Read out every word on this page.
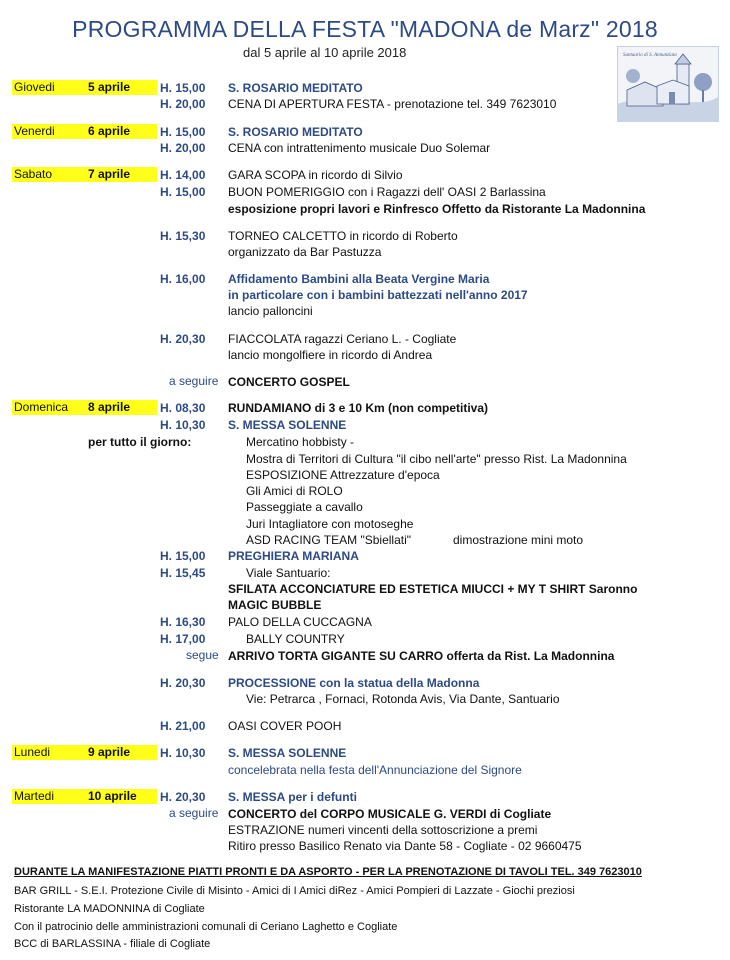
PROGRAMMA DELLA FESTA "MADONA de Marz" 2018
dal 5 aprile al 10 aprile 2018	Santuario di S. Annunziata
Giovedi	5 aprile H. 15,00 S. ROSARIO MEDITATO
H. 20,00 CENA DI APERTURA FESTA - prenotazione tel. 349 7623010
Venerdi	6 aprile H. 15,00 S. ROSARIO MEDITATO
H. 20,00 CENA con intrattenimento musicale Duo Solemar
Sabato	7 aprile H. 14,00 GARA SCOPA in ricordo di Silvio
H. 15,00 BUON POMERIGGIO con i Ragazzi dell' OASI 2 Barlassina
esposizione propri lavori e Rinfresco Offetto da Ristorante La Madonnina
H. 15,30 TORNEO CALCETTO in ricordo di Roberto
organizzato da Bar Pastuzza
H. 16,00 Affidamento Bambini alla Beata Vergine Maria
in particolare con i bambini battezzati nell'anno 2017
lancio palloncini
H. 20,30 FIACCOLATA ragazzi Ceriano L. - Cogliate
lancio mongolfiere in ricordo di Andrea
a seguire CONCERTO GOSPEL
Domenica 8 aprile H. 08,30 RUNDAMIANO di 3 e 10 Km (non competitiva)
H. 10,30 S. MESSA SOLENNE
per tutto il giorno:	Mercatino hobbisty -
Mostra di Territori di Cultura "il cibo nell'arte" presso Rist. La Madonnina
ESPOSIZIONE Attrezzature d'epoca
Gli Amici di ROLO
Passeggiate a cavallo
Juri Intagliatore con motoseghe
ASD RACING TEAM "Sbiellati"	dimostrazione mini moto
H. 15,00 PREGHIERA MARIANA
H. 15,45	Viale Santuario:
SFILATA ACCONCIATURE ED ESTETICA MIUCCI + MY T SHIRT Saronno
MAGIC BUBBLE
H. 16,30 PALO DELLA CUCCAGNA
H. 17,00	BALLY COUNTRY
segue ARRIVO TORTA GIGANTE SU CARRO offerta da Rist. La Madonnina
H. 20,30 PROCESSIONE con la statua della Madonna
Vie: Petrarca , Fornaci, Rotonda Avis, Via Dante, Santuario
H. 21,00 OASI COVER POOH
Lunedi	9 aprile H. 10,30 S. MESSA SOLENNE
concelebrata nella festa dell'Annunciazione del Signore
Martedi	10 aprile H. 20,30 S. MESSA per i defunti
a seguire CONCERTO del CORPO MUSICALE G. VERDI di Cogliate
ESTRAZIONE numeri vincenti della sottoscrizione a premi
Ritiro presso Basilico Renato via Dante 58 - Cogliate - 02 9660475
DURANTE LA MANIFESTAZIONE PIATTI PRONTI E DA ASPORTO - PER LA PRENOTAZIONE DI TAVOLI TEL. 349 7623010
BAR GRILL - S.E.I. Protezione Civile di Misinto - Amici di I Amici diRez - Amici Pompieri di Lazzate - Giochi preziosi
Ristorante LA MADONNINA di Cogliate
Con il patrocinio delle amministrazioni comunali di Ceriano Laghetto e Cogliate
BCC di BARLASSINA - filiale di Cogliate
